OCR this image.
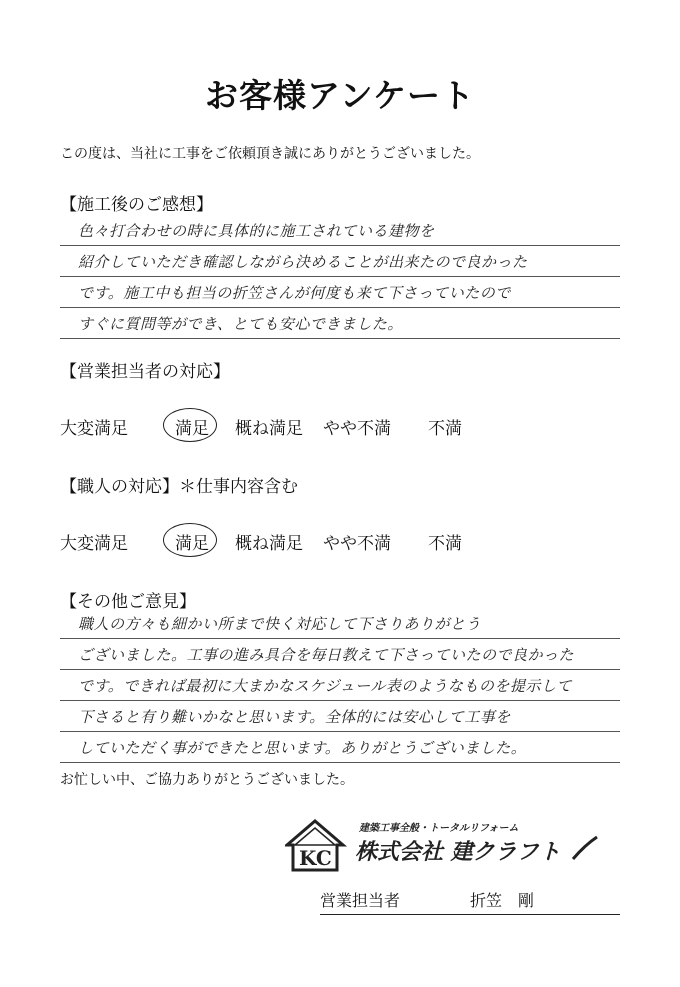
お客様アンケート
この度は、当社に工事をご依頼頂き誠にありがとうございました。
【施工後のご感想】
色々打合わせの時に具体的に施工されている建物を
紹介していただき確認しながら決めることが出来たので良かった
です。施工中も担当の折笠さんが何度も来て下さっていたので
すぐに質問等ができ、とても安心できました。
【営業担当者の対応】
大変満足	満足 概ね満足 やや不満 不満
【職人の対応】＊仕事内容含む
大変満足	満足 概ね満足 やや不満 不満
【その他ご意見】
職人の方々も細かい所まで快く対応して下さりありがとう
ございました。工事の進み具合を毎日教えて下さっていたので良かった
です。できれば最初に大まかなスケジュール表のようなものを提示して
下さると有り難いかなと思います。全体的には安心して工事を
していただく事ができたと思います。ありがとうございました。
お忙しい中、ご協力ありがとうございました。
KC
建築工事全般・トータルリフォーム
株式会社 建クラフト
営業担当者	折笠　剛
